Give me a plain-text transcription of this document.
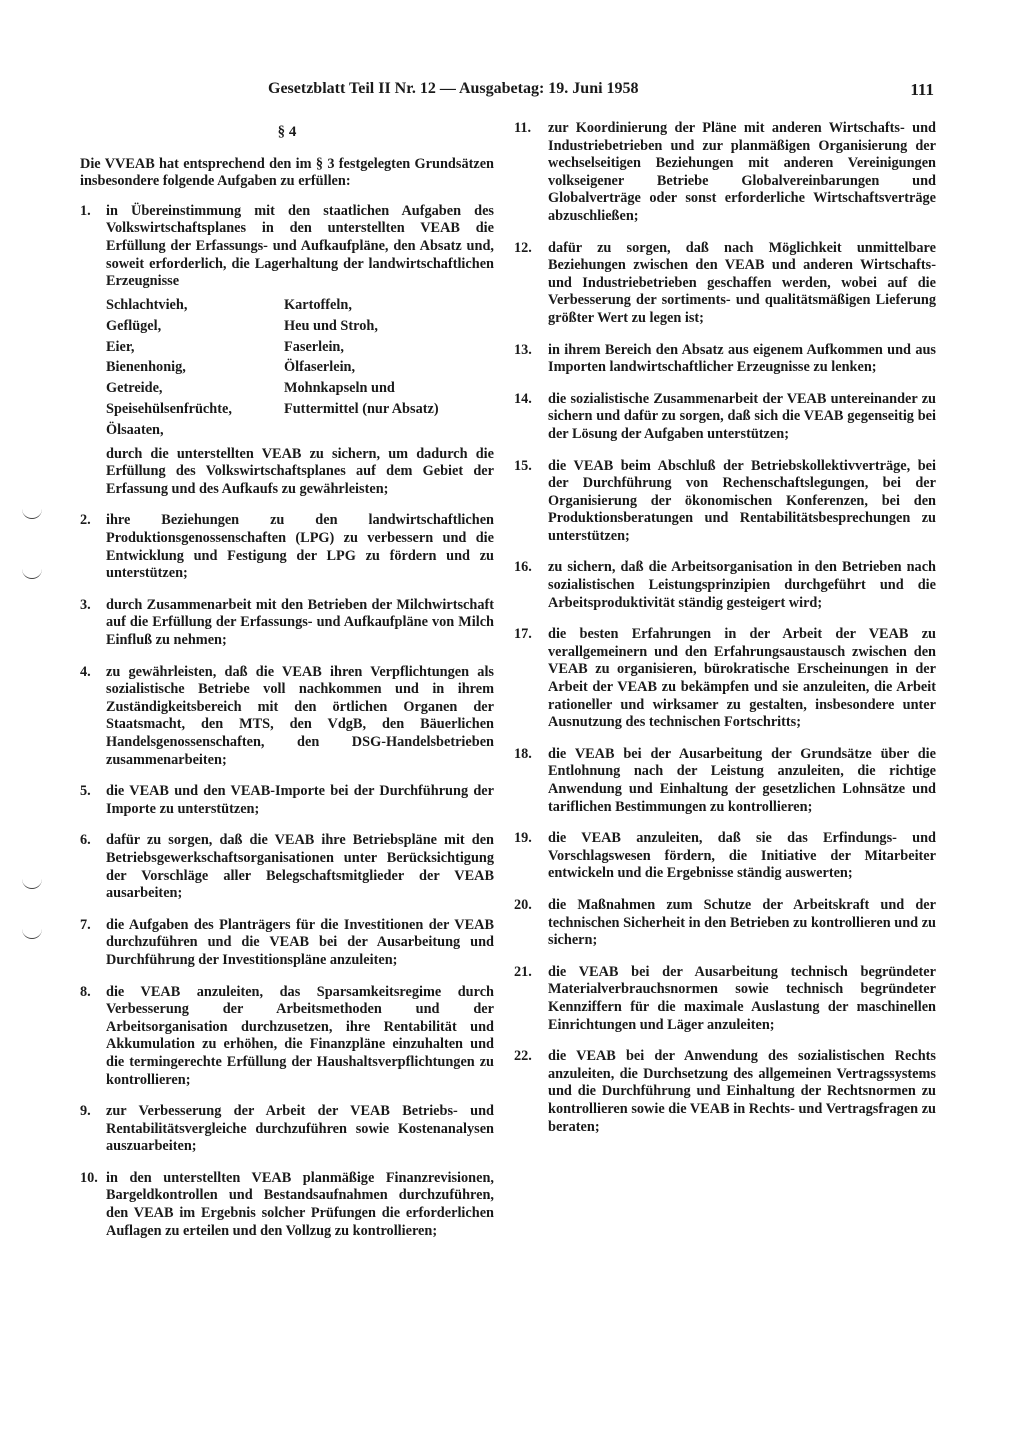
Gesetzblatt Teil II Nr. 12 — Ausgabetag: 19. Juni 1958	111
§ 4
Die VVEAB hat entsprechend den im § 3 festgelegten Grundsätzen insbesondere folgende Aufgaben zu erfüllen:
1.	in Übereinstimmung mit den staatlichen Aufgaben des Volkswirtschaftsplanes in den unterstellten VEAB die Erfüllung der Erfassungs- und Aufkaufpläne, den Absatz und, soweit erforderlich, die Lagerhaltung der landwirtschaftlichen Erzeugnisse
Schlachtvieh,	Kartoffeln,
Geflügel,	Heu und Stroh,
Eier,	Faserlein,
Bienenhonig,	Ölfaserlein,
Getreide,	Mohnkapseln und
Speisehülsenfrüchte,	Futtermittel (nur Absatz)
Ölsaaten,
durch die unterstellten VEAB zu sichern, um dadurch die Erfüllung des Volkswirtschaftsplanes auf dem Gebiet der Erfassung und des Aufkaufs zu gewährleisten;
2.	ihre Beziehungen zu den landwirtschaftlichen Produktionsgenossenschaften (LPG) zu verbessern und die Entwicklung und Festigung der LPG zu fördern und zu unterstützen;
3.	durch Zusammenarbeit mit den Betrieben der Milchwirtschaft auf die Erfüllung der Erfassungs- und Aufkaufpläne von Milch Einfluß zu nehmen;
4.	zu gewährleisten, daß die VEAB ihren Verpflichtungen als sozialistische Betriebe voll nachkommen und in ihrem Zuständigkeitsbereich mit den örtlichen Organen der Staatsmacht, den MTS, den VdgB, den Bäuerlichen Handelsgenossenschaften, den DSG-Handelsbetrieben zusammenarbeiten;
5.	die VEAB und den VEAB-Importe bei der Durchführung der Importe zu unterstützen;
6.	dafür zu sorgen, daß die VEAB ihre Betriebspläne mit den Betriebsgewerkschaftsorganisationen unter Berücksichtigung der Vorschläge aller Belegschaftsmitglieder der VEAB ausarbeiten;
7.	die Aufgaben des Planträgers für die Investitionen der VEAB durchzuführen und die VEAB bei der Ausarbeitung und Durchführung der Investitionspläne anzuleiten;
8.	die VEAB anzuleiten, das Sparsamkeitsregime durch Verbesserung der Arbeitsmethoden und der Arbeitsorganisation durchzusetzen, ihre Rentabilität und Akkumulation zu erhöhen, die Finanzpläne einzuhalten und die termingerechte Erfüllung der Haushaltsverpflichtungen zu kontrollieren;
9.	zur Verbesserung der Arbeit der VEAB Betriebs- und Rentabilitätsvergleiche durchzuführen sowie Kostenanalysen auszuarbeiten;
10. in den unterstellten VEAB planmäßige Finanzrevisionen, Bargeldkontrollen und Bestandsaufnahmen durchzuführen, den VEAB im Ergebnis solcher Prüfungen die erforderlichen Auflagen zu erteilen und den Vollzug zu kontrollieren;
11.	zur Koordinierung der Pläne mit anderen Wirtschafts- und Industriebetrieben und zur planmäßigen Organisierung der wechselseitigen Beziehungen mit anderen Vereinigungen volkseigener Betriebe Globalvereinbarungen und Globalverträge oder sonst erforderliche Wirtschaftsverträge abzuschließen;
12.	dafür zu sorgen, daß nach Möglichkeit unmittelbare Beziehungen zwischen den VEAB und anderen Wirtschafts- und Industriebetrieben geschaffen werden, wobei auf die Verbesserung der sortiments- und qualitätsmäßigen Lieferung größter Wert zu legen ist;
13.	in ihrem Bereich den Absatz aus eigenem Aufkommen und aus Importen landwirtschaftlicher Erzeugnisse zu lenken;
14.	die sozialistische Zusammenarbeit der VEAB untereinander zu sichern und dafür zu sorgen, daß sich die VEAB gegenseitig bei der Lösung der Aufgaben unterstützen;
15.	die VEAB beim Abschluß der Betriebskollektivverträge, bei der Durchführung von Rechenschaftslegungen, bei der Organisierung der ökonomischen Konferenzen, bei den Produktionsberatungen und Rentabilitätsbesprechungen zu unterstützen;
16.	zu sichern, daß die Arbeitsorganisation in den Betrieben nach sozialistischen Leistungsprinzipien durchgeführt und die Arbeitsproduktivität ständig gesteigert wird;
17.	die besten Erfahrungen in der Arbeit der VEAB zu verallgemeinern und den Erfahrungsaustausch zwischen den VEAB zu organisieren, bürokratische Erscheinungen in der Arbeit der VEAB zu bekämpfen und sie anzuleiten, die Arbeit rationeller und wirksamer zu gestalten, insbesondere unter Ausnutzung des technischen Fortschritts;
18.	die VEAB bei der Ausarbeitung der Grundsätze über die Entlohnung nach der Leistung anzuleiten, die richtige Anwendung und Einhaltung der gesetzlichen Lohnsätze und tariflichen Bestimmungen zu kontrollieren;
19.	die VEAB anzuleiten, daß sie das Erfindungs- und Vorschlagswesen fördern, die Initiative der Mitarbeiter entwickeln und die Ergebnisse ständig auswerten;
20.	die Maßnahmen zum Schutze der Arbeitskraft und der technischen Sicherheit in den Betrieben zu kontrollieren und zu sichern;
21.	die VEAB bei der Ausarbeitung technisch begründeter Materialverbrauchsnormen sowie technisch begründeter Kennziffern für die maximale Auslastung der maschinellen Einrichtungen und Läger anzuleiten;
22.	die VEAB bei der Anwendung des sozialistischen Rechts anzuleiten, die Durchsetzung des allgemeinen Vertragssystems und die Durchführung und Einhaltung der Rechtsnormen zu kontrollieren sowie die VEAB in Rechts- und Vertragsfragen zu beraten;
